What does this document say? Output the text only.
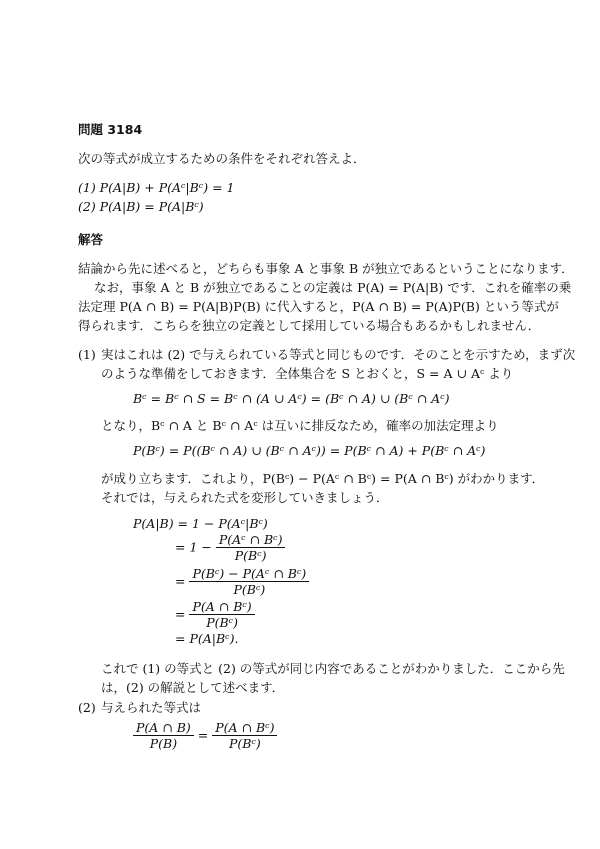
問題 3184
次の等式が成立するための条件をそれぞれ答えよ．
(1) P(A|B) + P(Aᶜ|Bᶜ) = 1
(2) P(A|B) = P(A|Bᶜ)
解答
結論から先に述べると，どちらも事象 A と事象 B が独立であるということになります．
なお，事象 A と B が独立であることの定義は P(A) = P(A|B) です．これを確率の乗
法定理 P(A ∩ B) = P(A|B)P(B) に代入すると，P(A ∩ B) = P(A)P(B) という等式が
得られます．こちらを独立の定義として採用している場合もあるかもしれません．
(1) 実はこれは (2) で与えられている等式と同じものです．そのことを示すため，まず次
のような準備をしておきます．全体集合を S とおくと，S = A ∪ Aᶜ より
Bᶜ = Bᶜ ∩ S = Bᶜ ∩ (A ∪ Aᶜ) = (Bᶜ ∩ A) ∪ (Bᶜ ∩ Aᶜ)
となり，Bᶜ ∩ A と Bᶜ ∩ Aᶜ は互いに排反なため，確率の加法定理より
P(Bᶜ) = P((Bᶜ ∩ A) ∪ (Bᶜ ∩ Aᶜ)) = P(Bᶜ ∩ A) + P(Bᶜ ∩ Aᶜ)
が成り立ちます．これより，P(Bᶜ) − P(Aᶜ ∩ Bᶜ) = P(A ∩ Bᶜ) がわかります．
それでは，与えられた式を変形していきましょう．
P(A|B) = 1 − P(Aᶜ|Bᶜ)
= $1 - \frac{\text{P(Aᶜ ∩ Bᶜ)}}{\text{P(Bᶜ)}}$
= $\frac{\text{P(Bᶜ) − P(Aᶜ ∩ Bᶜ)}}{\text{P(Bᶜ)}}$
= $\frac{\text{P(A ∩ Bᶜ)}}{\text{P(Bᶜ)}}$
= P(A|Bᶜ).
これで (1) の等式と (2) の等式が同じ内容であることがわかりました．ここから先
は，(2) の解説として述べます．
(2) 与えられた等式は
$\frac{P(A \cap B)}{P(B)} = \frac{\text{P(A ∩ Bᶜ)}}{\text{P(Bᶜ)}}$
